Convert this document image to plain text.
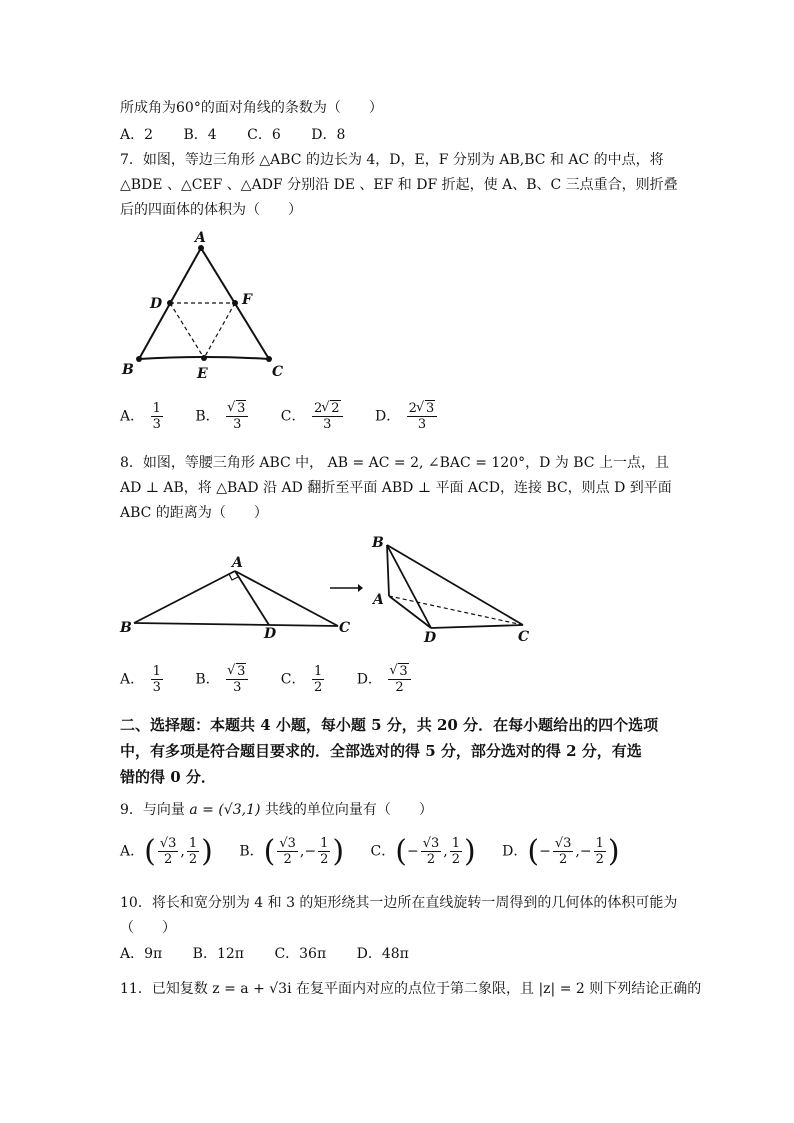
所成角为60°的面对角线的条数为（　　）
A．2 B．4 C．6 D．8
7．如图，等边三角形 △ABC 的边长为 4，D，E，F 分别为 AB,BC 和 AC 的中点，将
△BDE 、△CEF 、△ADF 分别沿 DE 、EF 和 DF 折起，使 A、B、C 三点重合，则折叠
后的四面体的体积为（　　）
A
D	F
B	E	C
A． $\frac{1}{3}$ B． √ $\frac{3}{3}$ C． $\frac{2 √ 2}{3}$ D． $\frac{2 √ 3}{3}$
8．如图，等腰三角形 ABC 中， AB = AC = 2, ∠BAC = 120°，D 为 BC 上一点，且
AD ⊥ AB，将 △BAD 沿 AD 翻折至平面 ABD ⊥ 平面 ACD，连接 BC，则点 D 到平面
ABC 的距离为（　　）
A
B	D	C
B
A
D	C
A． $\frac{1}{3}$ B． √ $\frac{3}{3}$ C． $\frac{1}{2}$ D． √ $\frac{3}{2}$
二、选择题：本题共 4 小题，每小题 5 分，共 20 分．在每小题给出的四个选项
中，有多项是符合题目要求的．全部选对的得 5 分，部分选对的得 2 分，有选
错的得 0 分．
9．与向量 a = (√3,1) 共线的单位向量有（　　）
A．( $\frac{√3}{2}$ , $\frac{1}{2}$ ) B．( $\frac{√3}{2}$ ,− $\frac{1}{2}$ ) C．(− $\frac{√3}{2}$ , $\frac{1}{2}$ ) D．(− $\frac{√3}{2}$ ,− $\frac{1}{2}$ )
10．将长和宽分别为 4 和 3 的矩形绕其一边所在直线旋转一周得到的几何体的体积可能为
（　　）
A．9π B．12π C．36π D．48π
11．已知复数 z = a + √3i 在复平面内对应的点位于第二象限，且 |z| = 2 则下列结论正确的
